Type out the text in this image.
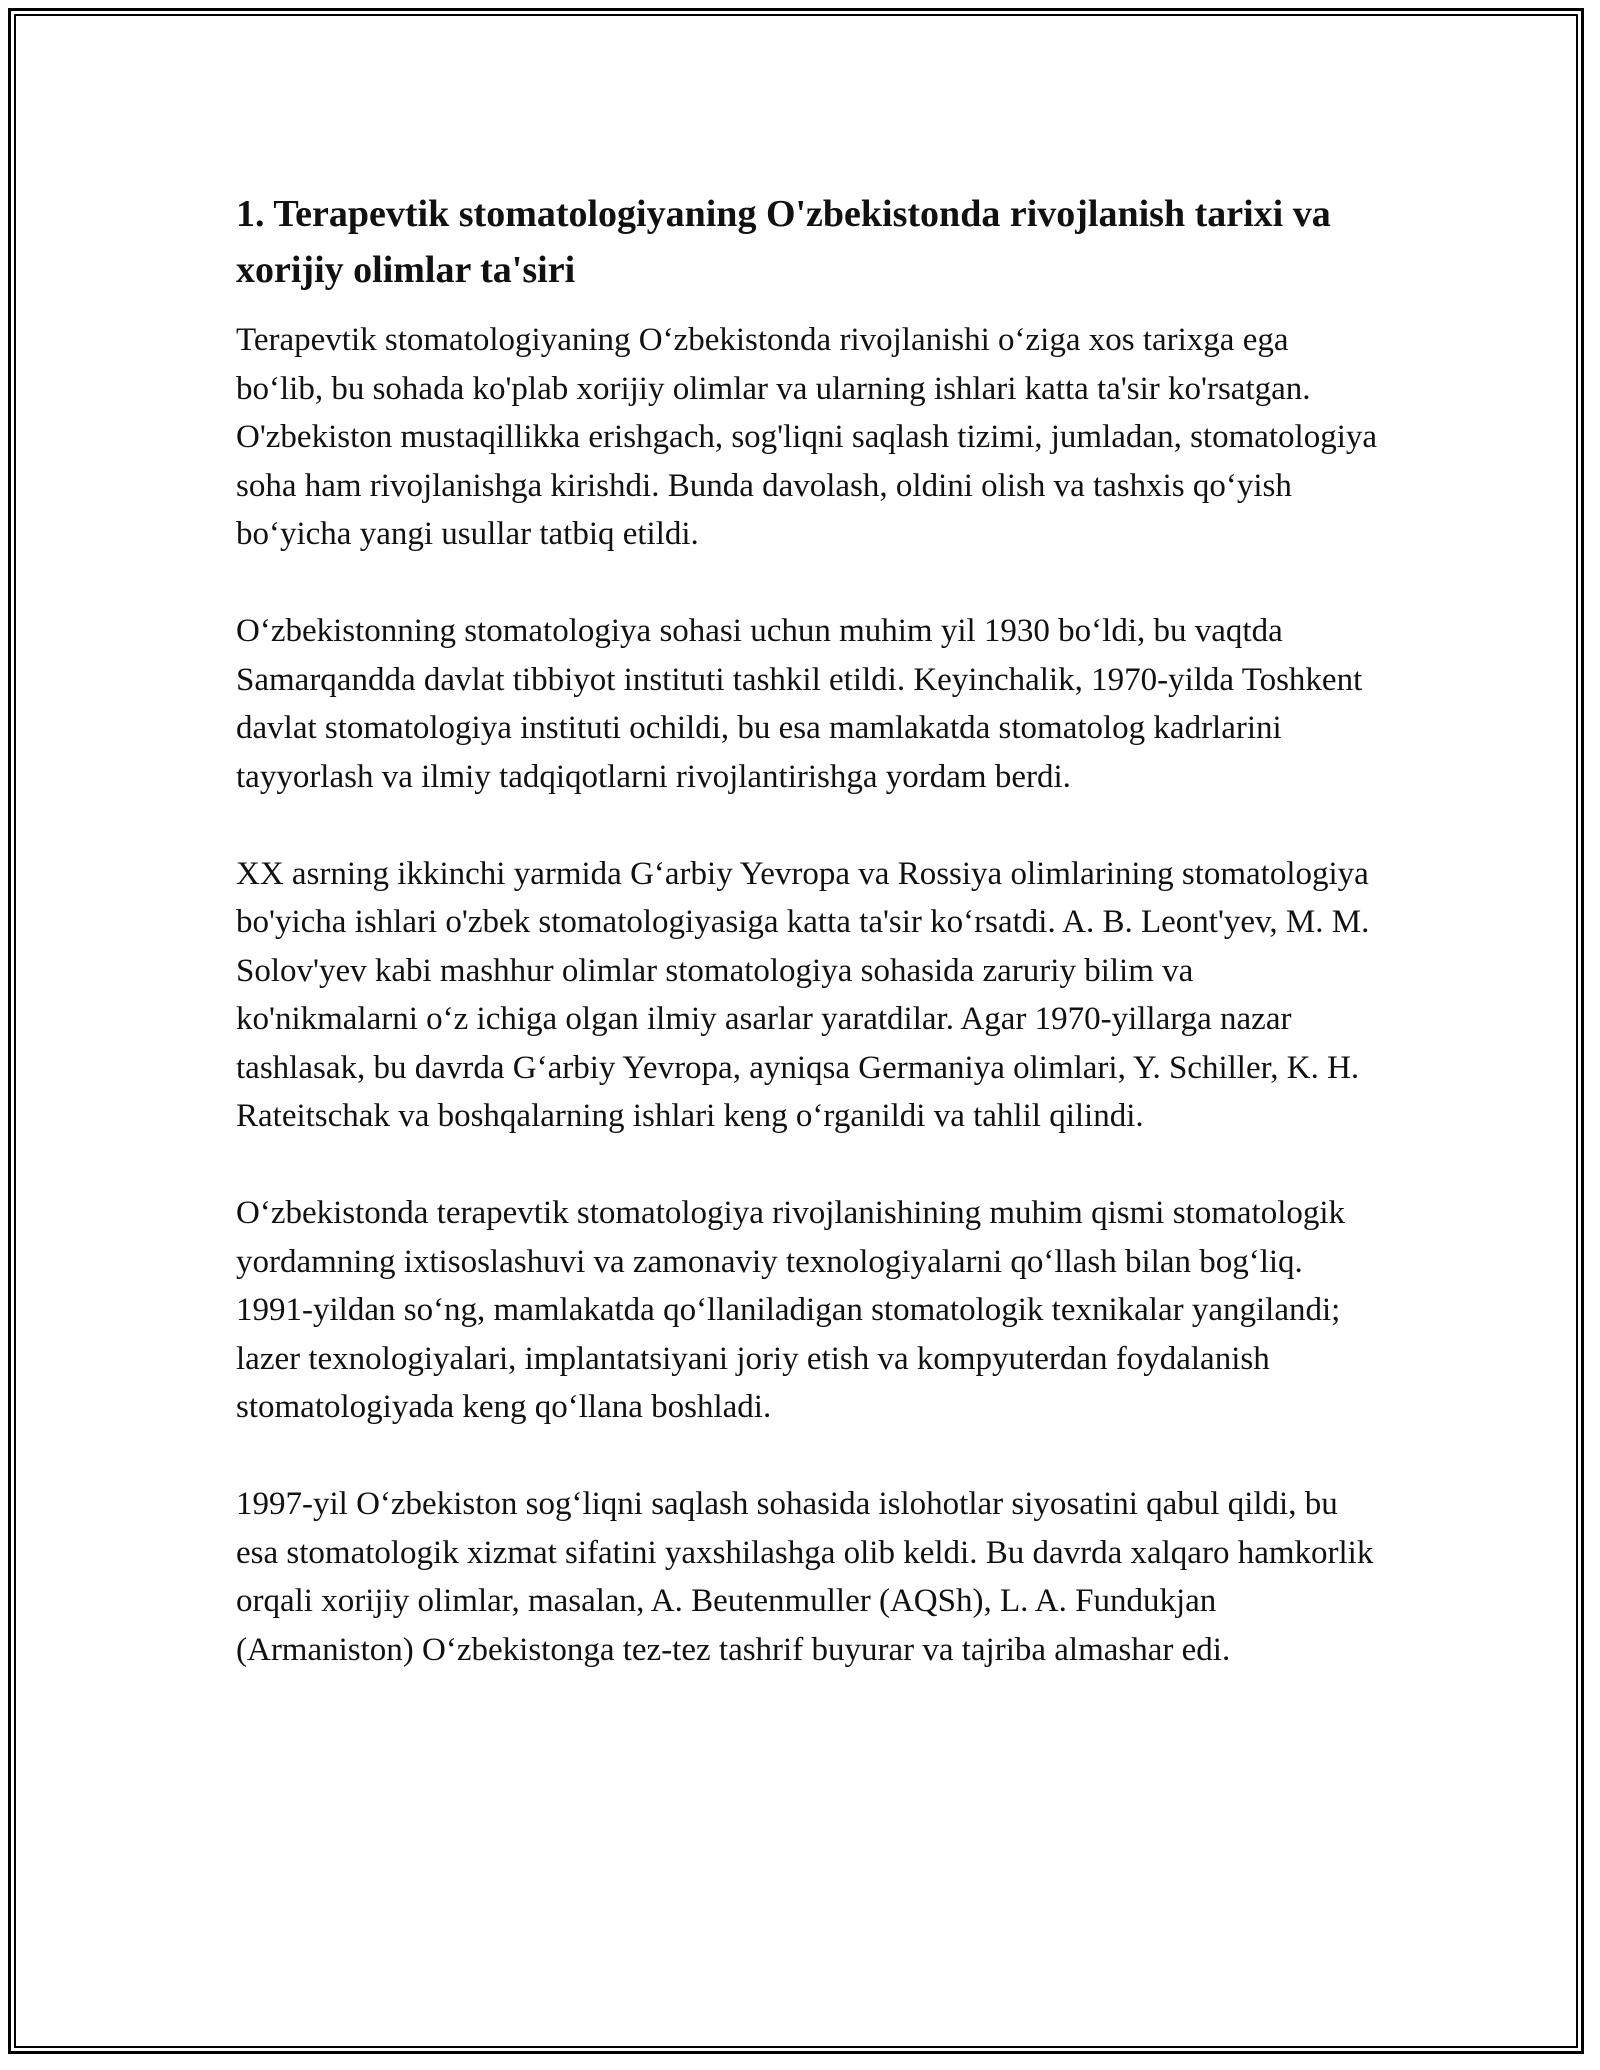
1. Terapevtik stomatologiyaning O'zbekistonda rivojlanish tarixi va xorijiy olimlar ta'siri

Terapevtik stomatologiyaning O‘zbekistonda rivojlanishi o‘ziga xos tarixga ega bo‘lib, bu sohada ko'plab xorijiy olimlar va ularning ishlari katta ta'sir ko'rsatgan. O'zbekiston mustaqillikka erishgach, sog'liqni saqlash tizimi, jumladan, stomatologiya soha ham rivojlanishga kirishdi. Bunda davolash, oldini olish va tashxis qo‘yish bo‘yicha yangi usullar tatbiq etildi.

O‘zbekistonning stomatologiya sohasi uchun muhim yil 1930 bo‘ldi, bu vaqtda Samarqandda davlat tibbiyot instituti tashkil etildi. Keyinchalik, 1970-yilda Toshkent davlat stomatologiya instituti ochildi, bu esa mamlakatda stomatolog kadrlarini tayyorlash va ilmiy tadqiqotlarni rivojlantirishga yordam berdi.

XX asrning ikkinchi yarmida G‘arbiy Yevropa va Rossiya olimlarining stomatologiya bo'yicha ishlari o'zbek stomatologiyasiga katta ta'sir ko‘rsatdi. A. B. Leont'yev, M. M. Solov'yev kabi mashhur olimlar stomatologiya sohasida zaruriy bilim va ko'nikmalarni o‘z ichiga olgan ilmiy asarlar yaratdilar. Agar 1970-yillarga nazar tashlasak, bu davrda G‘arbiy Yevropa, ayniqsa Germaniya olimlari, Y. Schiller, K. H. Rateitschak va boshqalarning ishlari keng o‘rganildi va tahlil qilindi.

O‘zbekistonda terapevtik stomatologiya rivojlanishining muhim qismi stomatologik yordamning ixtisoslashuvi va zamonaviy texnologiyalarni qo‘llash bilan bog‘liq. 1991-yildan so‘ng, mamlakatda qo‘llaniladigan stomatologik texnikalar yangilandi; lazer texnologiyalari, implantatsiyani joriy etish va kompyuterdan foydalanish stomatologiyada keng qo‘llana boshladi.

1997-yil O‘zbekiston sog‘liqni saqlash sohasida islohotlar siyosatini qabul qildi, bu esa stomatologik xizmat sifatini yaxshilashga olib keldi. Bu davrda xalqaro hamkorlik orqali xorijiy olimlar, masalan, A. Beutenmuller (AQSh), L. A. Fundukjan (Armaniston) O‘zbekistonga tez-tez tashrif buyurar va tajriba almashar edi.
